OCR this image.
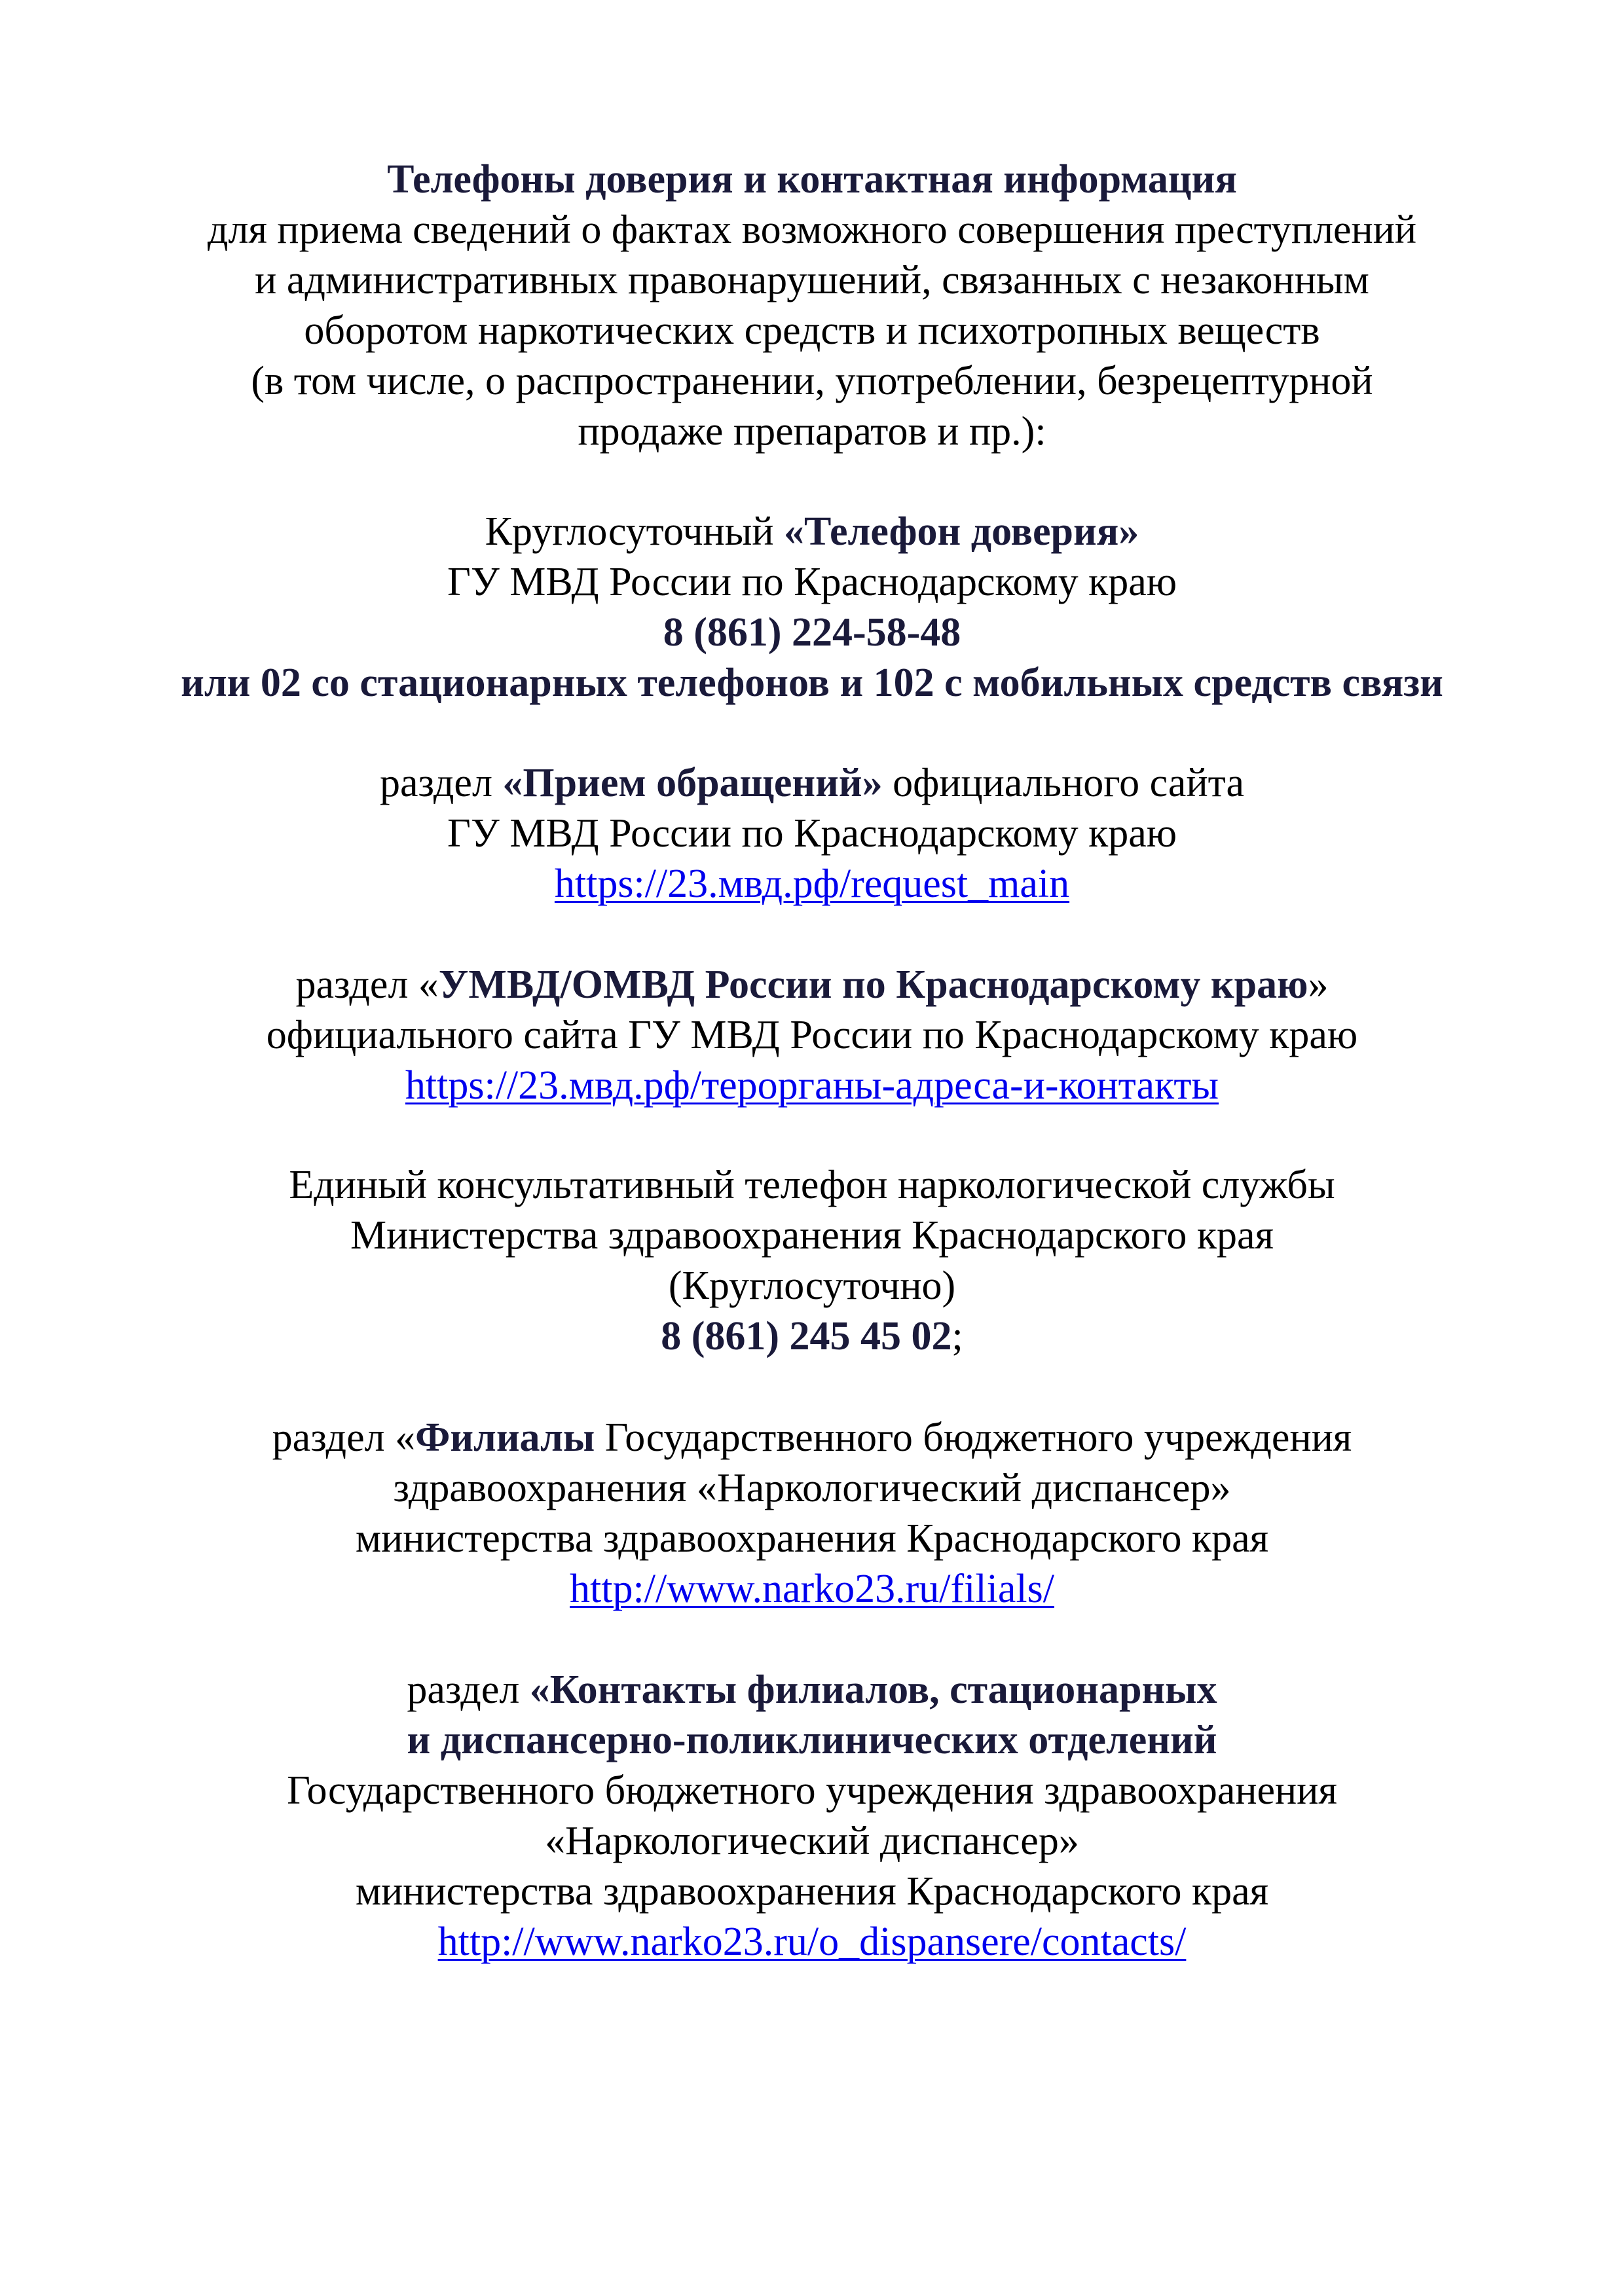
Телефоны доверия и контактная информация
для приема сведений о фактах возможного совершения преступлений
и административных правонарушений, связанных с незаконным
оборотом наркотических средств и психотропных веществ
(в том числе, о распространении, употреблении, безрецептурной
продаже препаратов и пр.):
Круглосуточный «Телефон доверия»
ГУ МВД России по Краснодарскому краю
8 (861) 224-58-48
или 02 со стационарных телефонов и 102 с мобильных средств связи
раздел «Прием обращений» официального сайта
ГУ МВД России по Краснодарскому краю
https://23.мвд.рф/request_main
раздел «УМВД/ОМВД России по Краснодарскому краю»
официального сайта ГУ МВД России по Краснодарскому краю
https://23.мвд.рф/терорганы-адреса-и-контакты
Единый консультативный телефон наркологической службы
Министерства здравоохранения Краснодарского края
(Круглосуточно)
8 (861) 245 45 02;
раздел «Филиалы Государственного бюджетного учреждения
здравоохранения «Наркологический диспансер»
министерства здравоохранения Краснодарского края
http://www.narko23.ru/filials/
раздел «Контакты филиалов, стационарных
и диспансерно-поликлинических отделений
Государственного бюджетного учреждения здравоохранения
«Наркологический диспансер»
министерства здравоохранения Краснодарского края
http://www.narko23.ru/o_dispansere/contacts/
